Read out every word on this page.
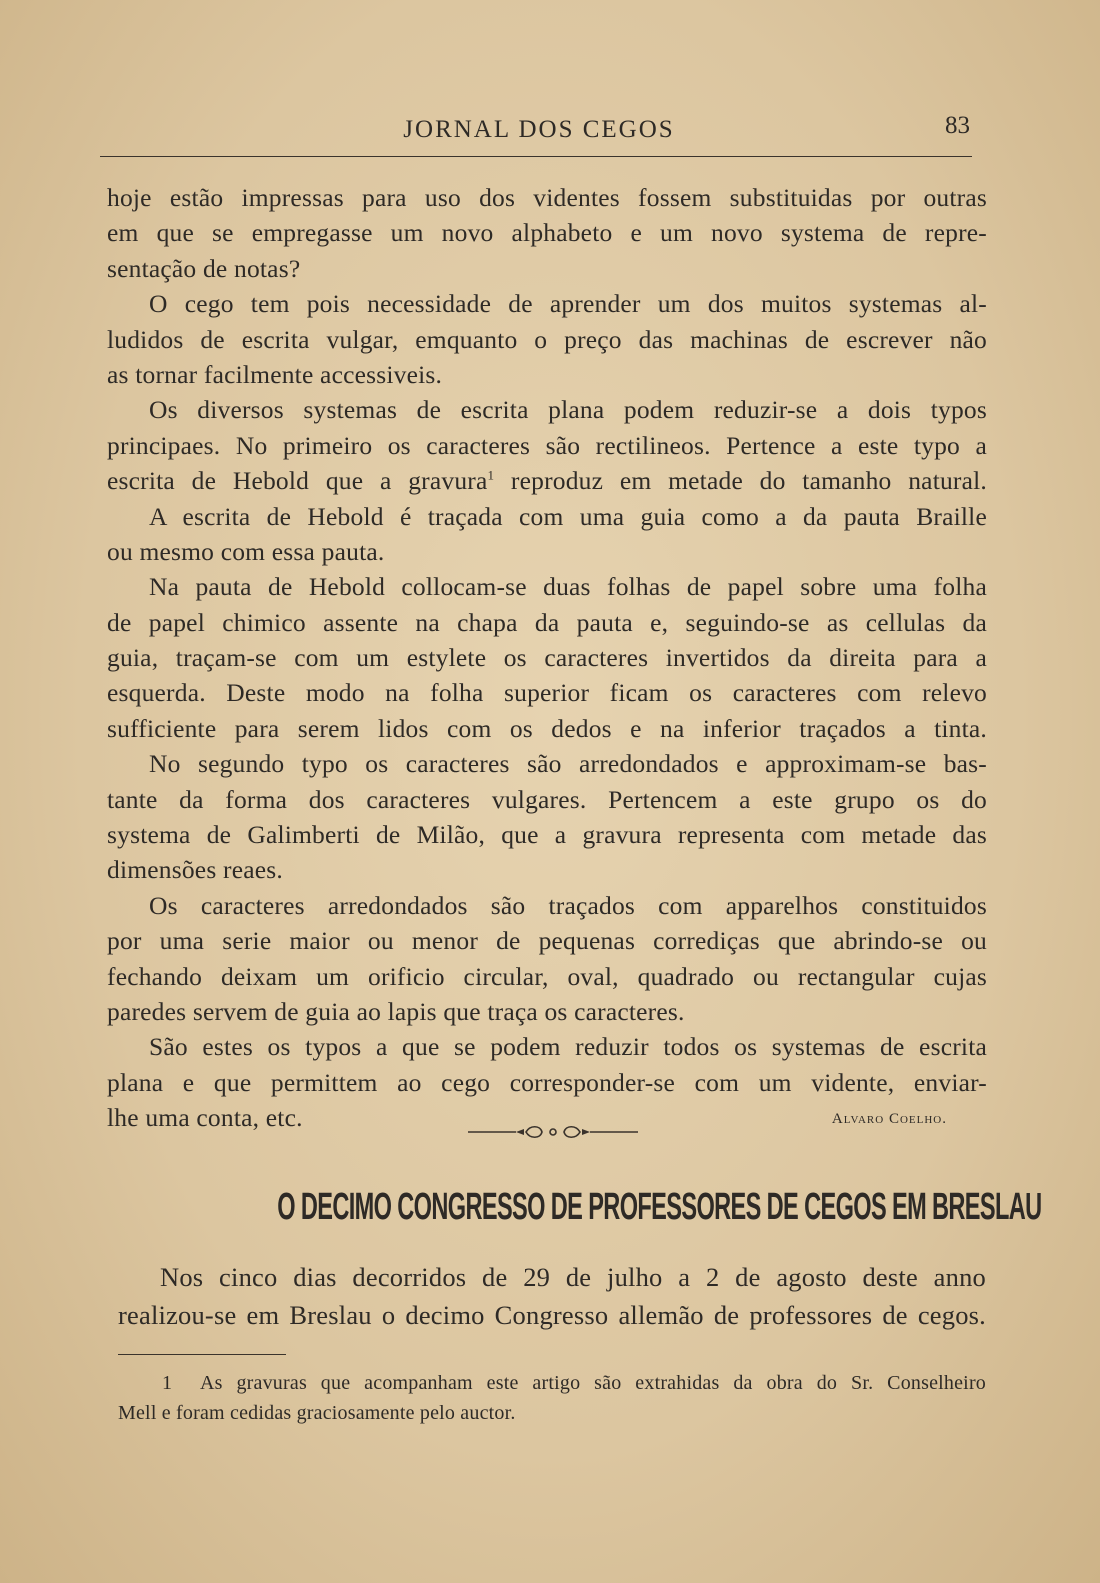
JORNAL DOS CEGOS	83
hoje estão impressas para uso dos videntes fossem substituidas por outras
em que se empregasse um novo alphabeto e um novo systema de repre-
sentação de notas?
O cego tem pois necessidade de aprender um dos muitos systemas al-
ludidos de escrita vulgar, emquanto o preço das machinas de escrever não
as tornar facilmente accessiveis.
Os diversos systemas de escrita plana podem reduzir-se a dois typos
principaes. No primeiro os caracteres são rectilineos. Pertence a este typo a
escrita de Hebold que a gravura$^1$ reproduz em metade do tamanho natural.
A escrita de Hebold é traçada com uma guia como a da pauta Braille
ou mesmo com essa pauta.
Na pauta de Hebold collocam-se duas folhas de papel sobre uma folha
de papel chimico assente na chapa da pauta e, seguindo-se as cellulas da
guia, traçam-se com um estylete os caracteres invertidos da direita para a
esquerda. Deste modo na folha superior ficam os caracteres com relevo
sufficiente para serem lidos com os dedos e na inferior traçados a tinta.
No segundo typo os caracteres são arredondados e approximam-se bas-
tante da forma dos caracteres vulgares. Pertencem a este grupo os do
systema de Galimberti de Milão, que a gravura representa com metade das
dimensões reaes.
Os caracteres arredondados são traçados com apparelhos constituidos
por uma serie maior ou menor de pequenas corrediças que abrindo-se ou
fechando deixam um orificio circular, oval, quadrado ou rectangular cujas
paredes servem de guia ao lapis que traça os caracteres.
São estes os typos a que se podem reduzir todos os systemas de escrita
plana e que permittem ao cego corresponder-se com um vidente, enviar-
lhe uma conta, etc.	Alvaro Coelho.
O DECIMO CONGRESSO DE PROFESSORES DE CEGOS EM BRESLAU
Nos cinco dias decorridos de 29 de julho a 2 de agosto deste anno
realizou-se em Breslau o decimo Congresso allemão de professores de cegos.
1 As gravuras que acompanham este artigo são extrahidas da obra do Sr. Conselheiro
Mell e foram cedidas graciosamente pelo auctor.
